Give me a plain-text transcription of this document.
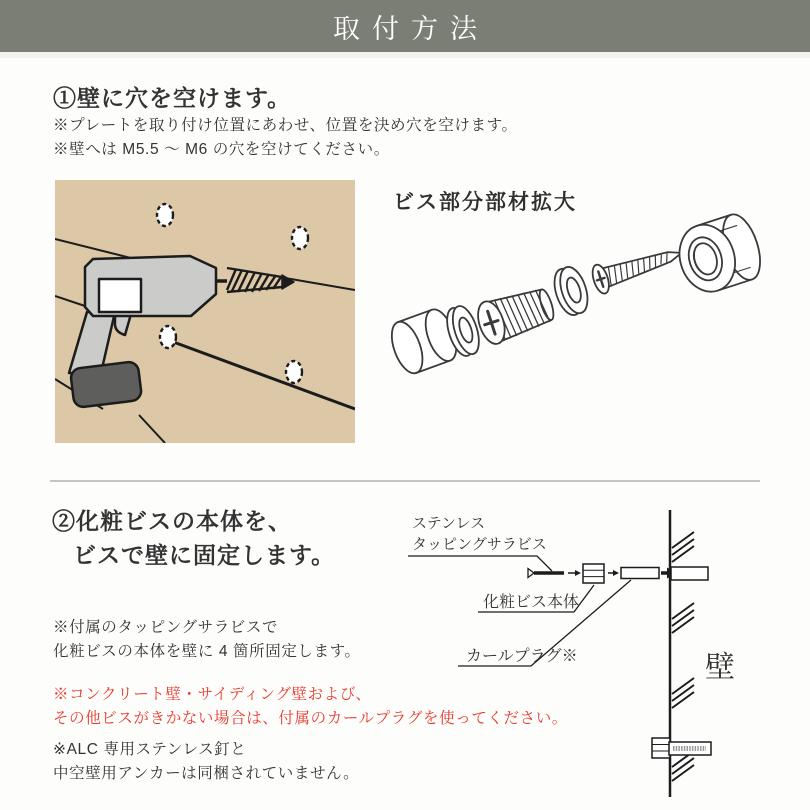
取付方法
①壁に穴を空けます。
※プレートを取り付け位置にあわせ、位置を決め穴を空けます。
※壁へは M5.5 ～ M6 の穴を空けてください。
ビス部分部材拡大
②化粧ビスの本体を、
ビスで壁に固定します。
※付属のタッピングサラビスで
化粧ビスの本体を壁に 4 箇所固定します。
※コンクリート壁・サイディング壁および、
その他ビスがきかない場合は、付属のカールプラグを使ってください。
※ALC 専用ステンレス釘と
中空壁用アンカーは同梱されていません。
ステンレス
タッピングサラビス
化粧ビス本体
カールプラグ※	壁
